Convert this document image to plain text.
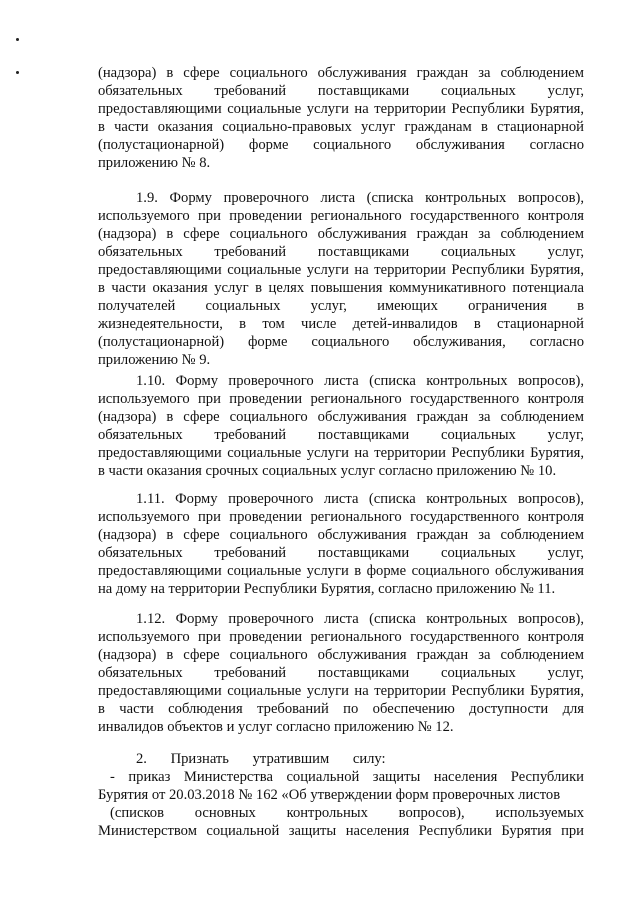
(надзора) в сфере социального обслуживания граждан за соблюдением
обязательных требований поставщиками социальных услуг,
предоставляющими социальные услуги на территории Республики Бурятия,
в части оказания социально-правовых услуг гражданам в стационарной
(полустационарной) форме социального обслуживания согласно
приложению № 8.
1.9. Форму проверочного листа (списка контрольных вопросов),
используемого при проведении регионального государственного контроля
(надзора) в сфере социального обслуживания граждан за соблюдением
обязательных требований поставщиками социальных услуг,
предоставляющими социальные услуги на территории Республики Бурятия,
в части оказания услуг в целях повышения коммуникативного потенциала
получателей социальных услуг, имеющих ограничения в
жизнедеятельности, в том числе детей-инвалидов в стационарной
(полустационарной) форме социального обслуживания, согласно
приложению № 9.
1.10. Форму проверочного листа (списка контрольных вопросов),
используемого при проведении регионального государственного контроля
(надзора) в сфере социального обслуживания граждан за соблюдением
обязательных требований поставщиками социальных услуг,
предоставляющими социальные услуги на территории Республики Бурятия,
в части оказания срочных социальных услуг согласно приложению № 10.
1.11. Форму проверочного листа (списка контрольных вопросов),
используемого при проведении регионального государственного контроля
(надзора) в сфере социального обслуживания граждан за соблюдением
обязательных требований поставщиками социальных услуг,
предоставляющими социальные услуги в форме социального обслуживания
на дому на территории Республики Бурятия, согласно приложению № 11.
1.12. Форму проверочного листа (списка контрольных вопросов),
используемого при проведении регионального государственного контроля
(надзора) в сфере социального обслуживания граждан за соблюдением
обязательных требований поставщиками социальных услуг,
предоставляющими социальные услуги на территории Республики Бурятия,
в части соблюдения требований по обеспечению доступности для
инвалидов объектов и услуг согласно приложению № 12.
2. Признать утратившим силу:
- приказ Министерства социальной защиты населения Республики
Бурятия от 20.03.2018 № 162 «Об утверждении форм проверочных листов
(списков основных контрольных вопросов), используемых
Министерством социальной защиты населения Республики Бурятия при
